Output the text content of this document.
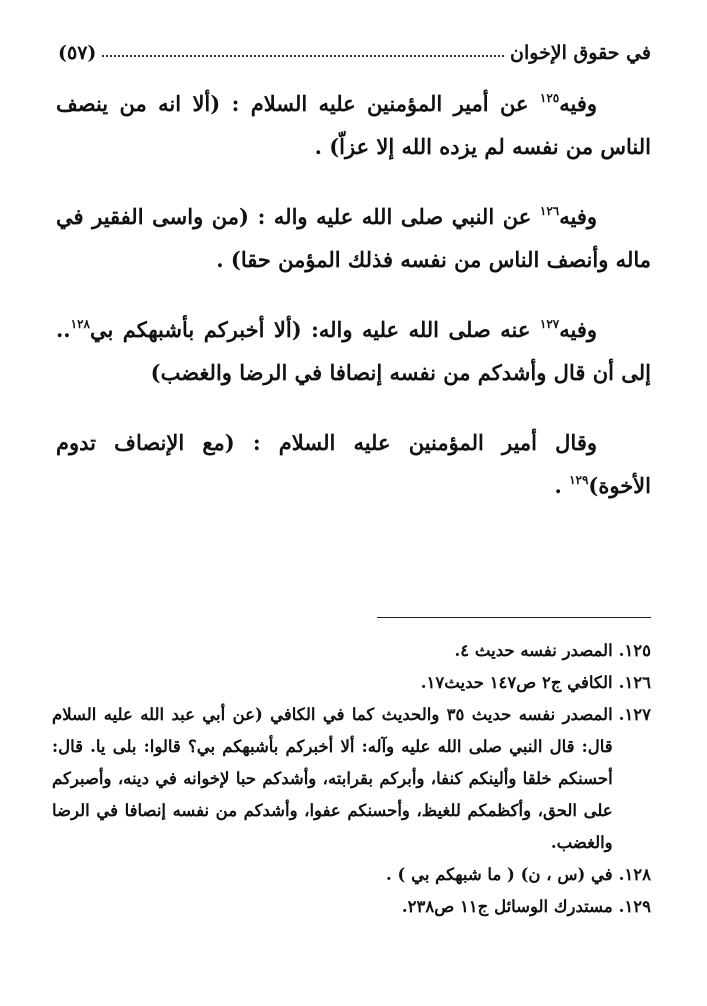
في حقوق الإخوان
(٥٧)

وفيه$^{١٢٥}$ عن أمير المؤمنين عليه السلام : (ألا انه من ينصف الناس من نفسه لم يزده الله إلا عزاّ) .

وفيه$^{١٢٦}$ عن النبي صلى الله عليه واله : (من واسى الفقير في ماله وأنصف الناس من نفسه فذلك المؤمن حقا) .

وفيه$^{١٢٧}$ عنه صلى الله عليه واله: (ألا أخبركم بأشبهكم بي$^{١٢٨}$.. إلى أن قال وأشدكم من نفسه إنصافا في الرضا والغضب)

وقال أمير المؤمنين عليه السلام : (مع الإنصاف تدوم الأخوة)$^{١٢٩}$ .

١٢٥.
المصدر نفسه حديث ٤.

١٢٦.
الكافي ج٢ ص١٤٧ حديث١٧.

١٢٧.
المصدر نفسه حديث ٣٥ والحديث كما في الكافي (عن أبي عبد الله عليه السلام قال: قال النبي صلى الله عليه وآله: ألا أخبركم بأشبهكم بي؟ قالوا: بلى يا. قال: أحسنكم خلقا وألينكم كنفا، وأبركم بقرابته، وأشدكم حبا لإخوانه في دينه، وأصبركم على الحق، وأكظمكم للغيظ، وأحسنكم عفوا، وأشدكم من نفسه إنصافا في الرضا والغضب.

١٢٨.
في (س ، ن) ( ما شبهكم بي ) .

١٢٩.
مستدرك الوسائل ج١١ ص٢٣٨.
